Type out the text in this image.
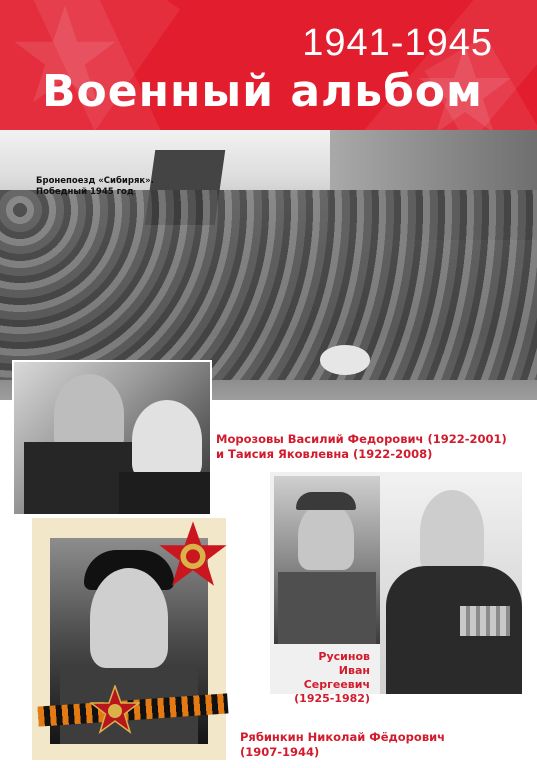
1941-1945
Военный альбом
Бронепоезд «Сибиряк».
Победный 1945 год
Морозовы Василий Федорович (1922-2001)
и Таисия Яковлевна (1922-2008)
Русинов
Иван
Сергеевич
(1925-1982)
Рябинкин Николай Фёдорович
(1907-1944)
